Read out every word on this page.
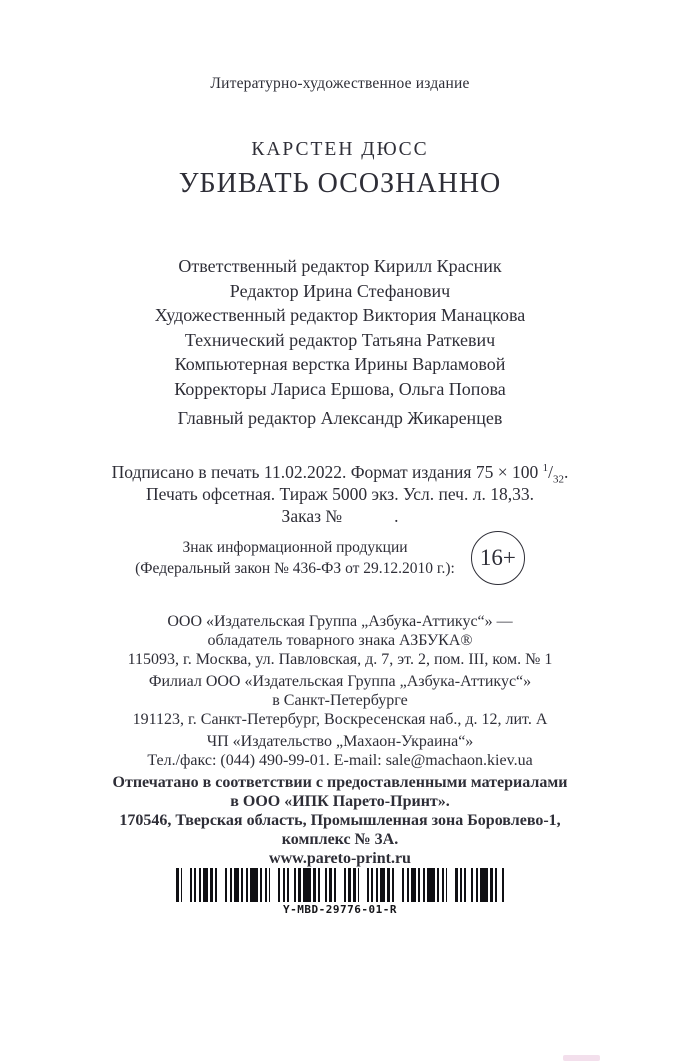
Литературно-художественное издание
КАРСТЕН ДЮСС
УБИВАТЬ ОСОЗНАННО
Ответственный редактор Кирилл Красник
Редактор Ирина Стефанович
Художественный редактор Виктория Манацкова
Технический редактор Татьяна Раткевич
Компьютерная верстка Ирины Варламовой
Корректоры Лариса Ершова, Ольга Попова
Главный редактор Александр Жикаренцев
Подписано в печать 11.02.2022. Формат издания 75 × 100 $^1/_{32}$.
Печать офсетная. Тираж 5000 экз. Усл. печ. л. 18,33.
Заказ №	.
Знак информационной продукции
(Федеральный закон № 436-ФЗ от 29.12.2010 г.):	16+
ООО «Издательская Группа „Азбука-Аттикус“» —
обладатель товарного знака АЗБУКА®
115093, г. Москва, ул. Павловская, д. 7, эт. 2, пом. III, ком. № 1
Филиал ООО «Издательская Группа „Азбука-Аттикус“»
в Санкт-Петербурге
191123, г. Санкт-Петербург, Воскресенская наб., д. 12, лит. А
ЧП «Издательство „Махаон-Украина“»
Тел./факс: (044) 490-99-01. E-mail: sale@machaon.kiev.ua
Отпечатано в соответствии с предоставленными материалами
в ООО «ИПК Парето-Принт».
170546, Тверская область, Промышленная зона Боровлево-1,
комплекс № 3А.
www.pareto-print.ru
Y-MBD-29776-01-R
